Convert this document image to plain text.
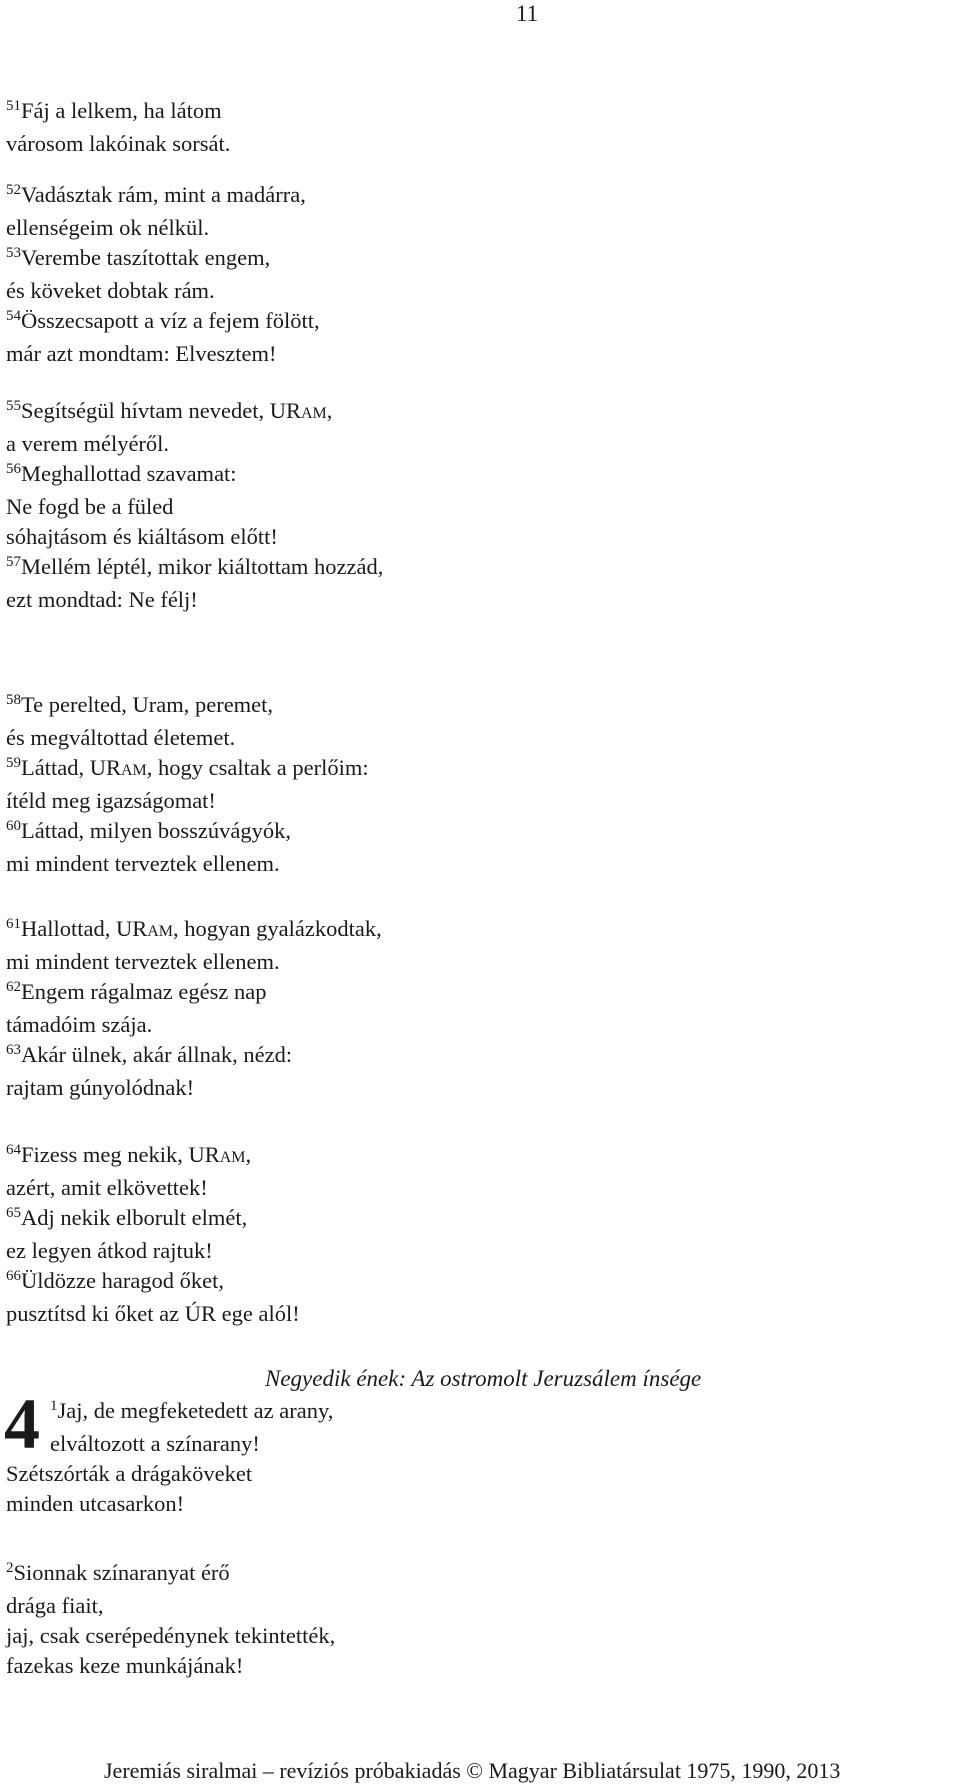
11
$^{51}$Fáj a lelkem, ha látom
városom lakóinak sorsát.
$^{52}$Vadásztak rám, mint a madárra,
ellenségeim ok nélkül.
$^{53}$Verembe taszítottak engem,
és köveket dobtak rám.
$^{54}$Összecsapott a víz a fejem fölött,
már azt mondtam: Elvesztem!
$^{55}$Segítségül hívtam nevedet, URam,
a verem mélyéről.
$^{56}$Meghallottad szavamat:
Ne fogd be a füled
sóhajtásom és kiáltásom előtt!
$^{57}$Mellém léptél, mikor kiáltottam hozzád,
ezt mondtad: Ne félj!
$^{58}$Te perelted, Uram, peremet,
és megváltottad életemet.
$^{59}$Láttad, URam, hogy csaltak a perlőim:
ítéld meg igazságomat!
$^{60}$Láttad, milyen bosszúvágyók,
mi mindent terveztek ellenem.
$^{61}$Hallottad, URam, hogyan gyalázkodtak,
mi mindent terveztek ellenem.
$^{62}$Engem rágalmaz egész nap
támadóim szája.
$^{63}$Akár ülnek, akár állnak, nézd:
rajtam gúnyolódnak!
$^{64}$Fizess meg nekik, URam,
azért, amit elkövettek!
$^{65}$Adj nekik elborult elmét,
ez legyen átkod rajtuk!
$^{66}$Üldözze haragod őket,
pusztítsd ki őket az ÚR ege alól!
Negyedik ének: Az ostromolt Jeruzsálem ínsége
4 $^1$Jaj, de megfeketedett az arany,
elváltozott a színarany!
Szétszórták a drágaköveket
minden utcasarkon!
$^2$Sionnak színaranyat érő
drága fiait,
jaj, csak cserépedénynek tekintették,
fazekas keze munkájának!
Jeremiás siralmai – revíziós próbakiadás © Magyar Bibliatársulat 1975, 1990, 2013
